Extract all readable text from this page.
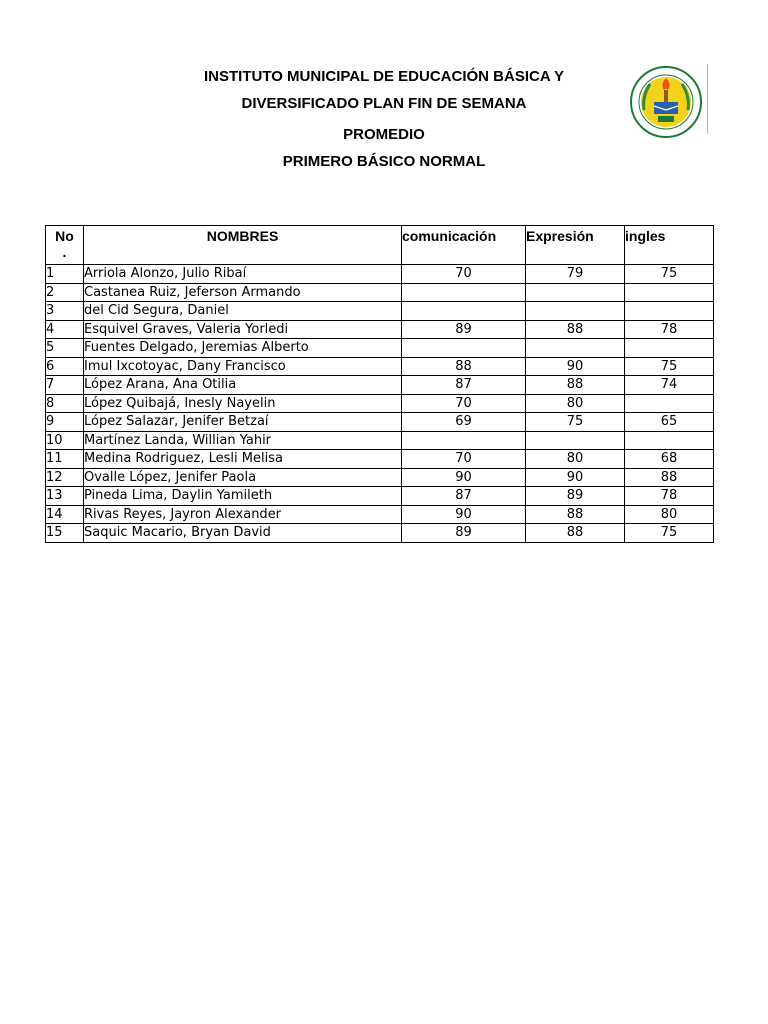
INSTITUTO MUNICIPAL DE EDUCACIÓN BÁSICA Y
DIVERSIFICADO PLAN FIN DE SEMANA
PROMEDIO
PRIMERO BÁSICO NORMAL
No
.	NOMBRES	comunicación	Expresión	ingles
1	Arriola Alonzo, Julio Ribaí	70	79	75
2	Castanea Ruiz, Jeferson Armando			
3	del Cid Segura, Daniel			
4	Esquivel Graves, Valeria Yorledi	89	88	78
5	Fuentes Delgado, Jeremias Alberto			
6	Imul Ixcotoyac, Dany Francisco	88	90	75
7	López Arana, Ana Otilia	87	88	74
8	López Quibajá, Inesly Nayelin	70	80	
9	López Salazar, Jenifer Betzaí	69	75	65
10	Martínez Landa, Willian Yahir			
11	Medina Rodriguez, Lesli Melisa	70	80	68
12	Ovalle López, Jenifer Paola	90	90	88
13	Pineda Lima, Daylin Yamileth	87	89	78
14	Rivas Reyes, Jayron Alexander	90	88	80
15	Saquic Macario, Bryan David	89	88	75
